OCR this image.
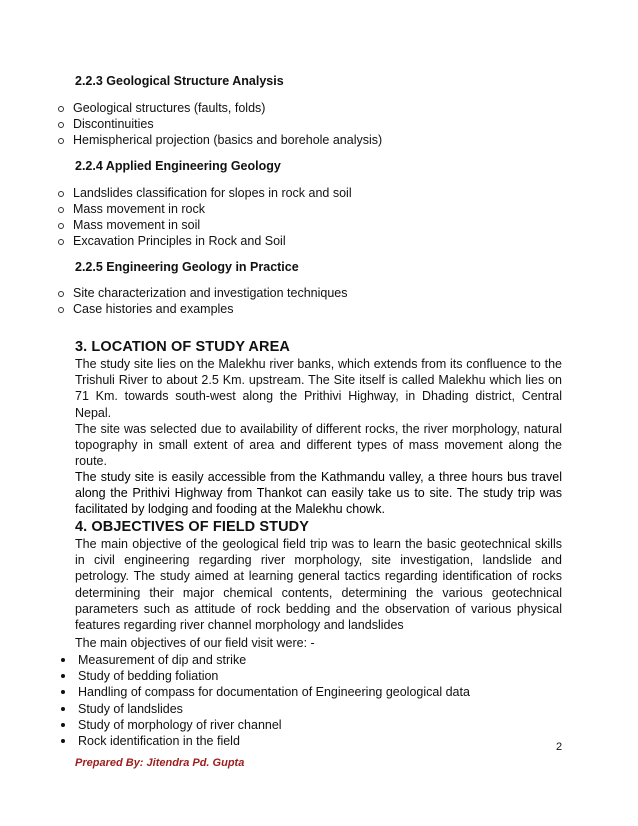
2.2.3 Geological Structure Analysis
Geological structures (faults, folds)
Discontinuities
Hemispherical projection (basics and borehole analysis)
2.2.4 Applied Engineering Geology
Landslides classification for slopes in rock and soil
Mass movement in rock
Mass movement in soil
Excavation Principles in Rock and Soil
2.2.5 Engineering Geology in Practice
Site characterization and investigation techniques
Case histories and examples
3. LOCATION OF STUDY AREA

The study site lies on the Malekhu river banks, which extends from its confluence to the Trishuli River to about 2.5 Km. upstream. The Site itself is called Malekhu which lies on 71 Km. towards south-west along the Prithivi Highway, in Dhading district, Central Nepal.

The site was selected due to availability of different rocks, the river morphology, natural topography in small extent of area and different types of mass movement along the route.

The study site is easily accessible from the Kathmandu valley, a three hours bus travel along the Prithivi Highway from Thankot can easily take us to site. The study trip was facilitated by lodging and fooding at the Malekhu chowk.

4. OBJECTIVES OF FIELD STUDY

The main objective of the geological field trip was to learn the basic geotechnical skills in civil engineering regarding river morphology, site investigation, landslide and petrology. The study aimed at learning general tactics regarding identification of rocks determining their major chemical contents, determining the various geotechnical parameters such as attitude of rock bedding and the observation of various physical features regarding river channel morphology and landslides

The main objectives of our field visit were: -

Measurement of dip and strike
Study of bedding foliation
Handling of compass for documentation of Engineering geological data
Study of landslides
Study of morphology of river channel
Rock identification in the field	2

Prepared By: Jitendra Pd. Gupta
